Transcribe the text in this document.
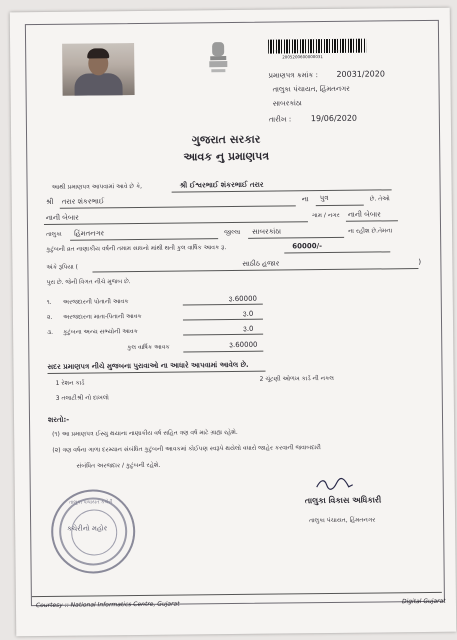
2005200600000031
પ્રમાણપત્ર ક્રમાંક : 20031/2020
તાલુકા પંચાયત, હિંમતનગર
સાબરકાંઠા
તારીખ : 19/06/2020
ગુજરાત સરકાર
આવક નુ પ્રમાણપત્ર
આથી પ્રમાણપત્ર આપવામાં આવે છે કે,	શ્રી ઈશ્વરભાઈ શંકરભાઈ તરાર
શ્રી તરાર શંકરભાઈ	ના પુત્ર	છે. તેઓ
નાની બેબાર	ગામ / નગર નાની બેબાર
તાલુકા હિંમતનગર	જીલ્લા સાબરકાંઠા	ના રહીશ છે.તેમના
કુટુંબની વ્રત નાણાકીય વર્ષની તમામ સાધનો માંથી થતી કુલ વાર્ષિક આવક રૂ.	60000/-
અંકે રૂપિયા (	સાઠીઠ હજાર	)
પુરા છે. જેની વિગત નીચે મુજબ છે.
૧. અરજદારની પોતાની આવક	રૂ.60000
૨. અરજદારના માતા-પિતાની આવક	રૂ.0
૩. કુટુંબના અન્ય સભ્યોની આવક	રૂ.0
કુલ વાર્ષિક આવક	રૂ.60000
સદર પ્રમાણપત્ર નીચે મુજબના પુરાવાઓ ના આધારે આપવામાં આવેલ છે.
1 રેશન કાર્ડ
2 ચૂંટણી ઓળખ કાર્ડ ની નકલ
3 તલાટીશ્રી નો દાખલો
શરતો:-
(૧) આ પ્રમાણપત્ર ઈસ્યુ થયાના નાણાકીય વર્ષ સહિત ત્રણ વર્ષ માટે ગ્રાહ્ય રહેશે.
(૨) ત્રણ વર્ષના ગાળા દરમ્યાન સંબંધિત કુટુંબની આવકમાં કોઈપણ સ્વરૂપે થયેલો વધારો જાહેર કરવાની જવાબદારી
સંબંધિત અરજદાર / કુટુંબની રહેશે.
તાલુકા વિકાસ અધિકારી
તાલુકા પંચાયત, હિંમતનગર
તાલુકા પંચાયત કચેરી
ક્ચેરીનો મહોર
Courtesy :: National Informatics Centre, Gujarat	Digital Gujarat
